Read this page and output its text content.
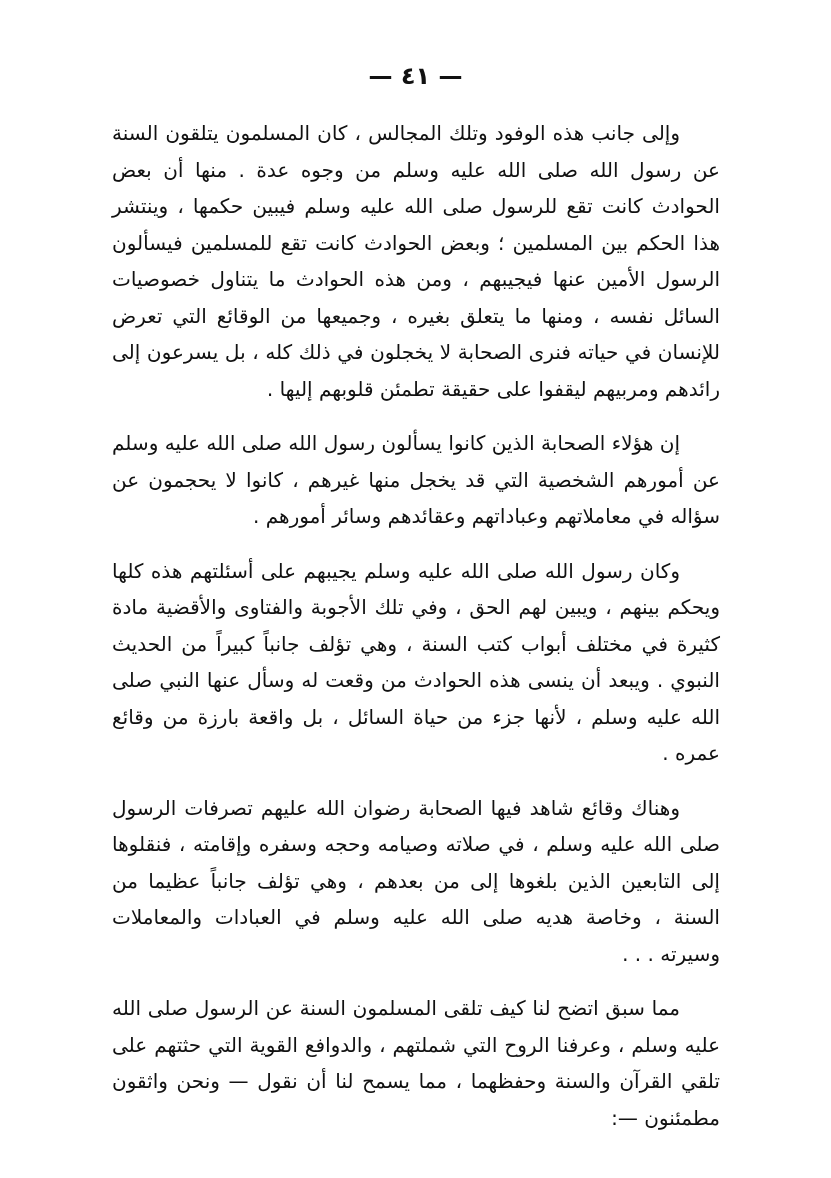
— ٤١ —

وإلى جانب هذه الوفود وتلك المجالس ، كان المسلمون يتلقون السنة عن رسول الله صلى الله عليه وسلم من وجوه عدة . منها أن بعض الحوادث كانت تقع للرسول صلى الله عليه وسلم فيبين حكمها ، وينتشر هذا الحكم بين المسلمين ؛ وبعض الحوادث كانت تقع للمسلمين فيسألون الرسول الأمين عنها فيجيبهم ، ومن هذه الحوادث ما يتناول خصوصيات السائل نفسه ، ومنها ما يتعلق بغيره ، وجميعها من الوقائع التي تعرض للإنسان في حياته فنرى الصحابة لا يخجلون في ذلك كله ، بل يسرعون إلى رائدهم ومربيهم ليقفوا على حقيقة تطمئن قلوبهم إليها .

إن هؤلاء الصحابة الذين كانوا يسألون رسول الله صلى الله عليه وسلم عن أمورهم الشخصية التي قد يخجل منها غيرهم ، كانوا لا يحجمون عن سؤاله في معاملاتهم وعباداتهم وعقائدهم وسائر أمورهم .

وكان رسول الله صلى الله عليه وسلم يجيبهم على أسئلتهم هذه كلها ويحكم بينهم ، ويبين لهم الحق ، وفي تلك الأجوبة والفتاوى والأقضية مادة كثيرة في مختلف أبواب كتب السنة ، وهي تؤلف جانباً كبيراً من الحديث النبوي . ويبعد أن ينسى هذه الحوادث من وقعت له وسأل عنها النبي صلى الله عليه وسلم ، لأنها جزء من حياة السائل ، بل واقعة بارزة من وقائع عمره .

وهناك وقائع شاهد فيها الصحابة رضوان الله عليهم تصرفات الرسول صلى الله عليه وسلم ، في صلاته وصيامه وحجه وسفره وإقامته ، فنقلوها إلى التابعين الذين بلغوها إلى من بعدهم ، وهي تؤلف جانباً عظيما من السنة ، وخاصة هديه صلى الله عليه وسلم في العبادات والمعاملات وسيرته . . .

مما سبق اتضح لنا كيف تلقى المسلمون السنة عن الرسول صلى الله عليه وسلم ، وعرفنا الروح التي شملتهم ، والدوافع القوية التي حثتهم على تلقي القرآن والسنة وحفظهما ، مما يسمح لنا أن نقول — ونحن واثقون مطمئنون —:
